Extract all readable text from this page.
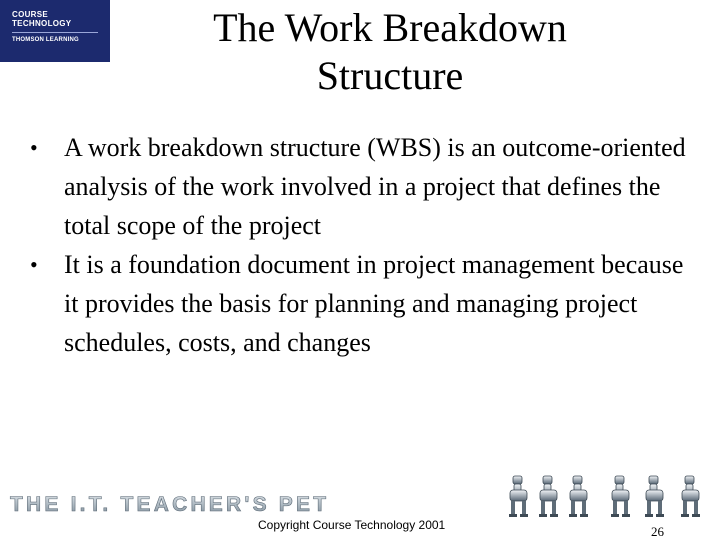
COURSE
TECHNOLOGY
THOMSON LEARNING	The Work Breakdown
Structure
• A work breakdown structure (WBS) is an outcome-oriented analysis of the work involved in a project that defines the total scope of the project
• It is a foundation document in project management because it provides the basis for planning and managing project schedules, costs, and changes
THE I.T. TEACHER'S PET
Copyright Course Technology 2001	26
